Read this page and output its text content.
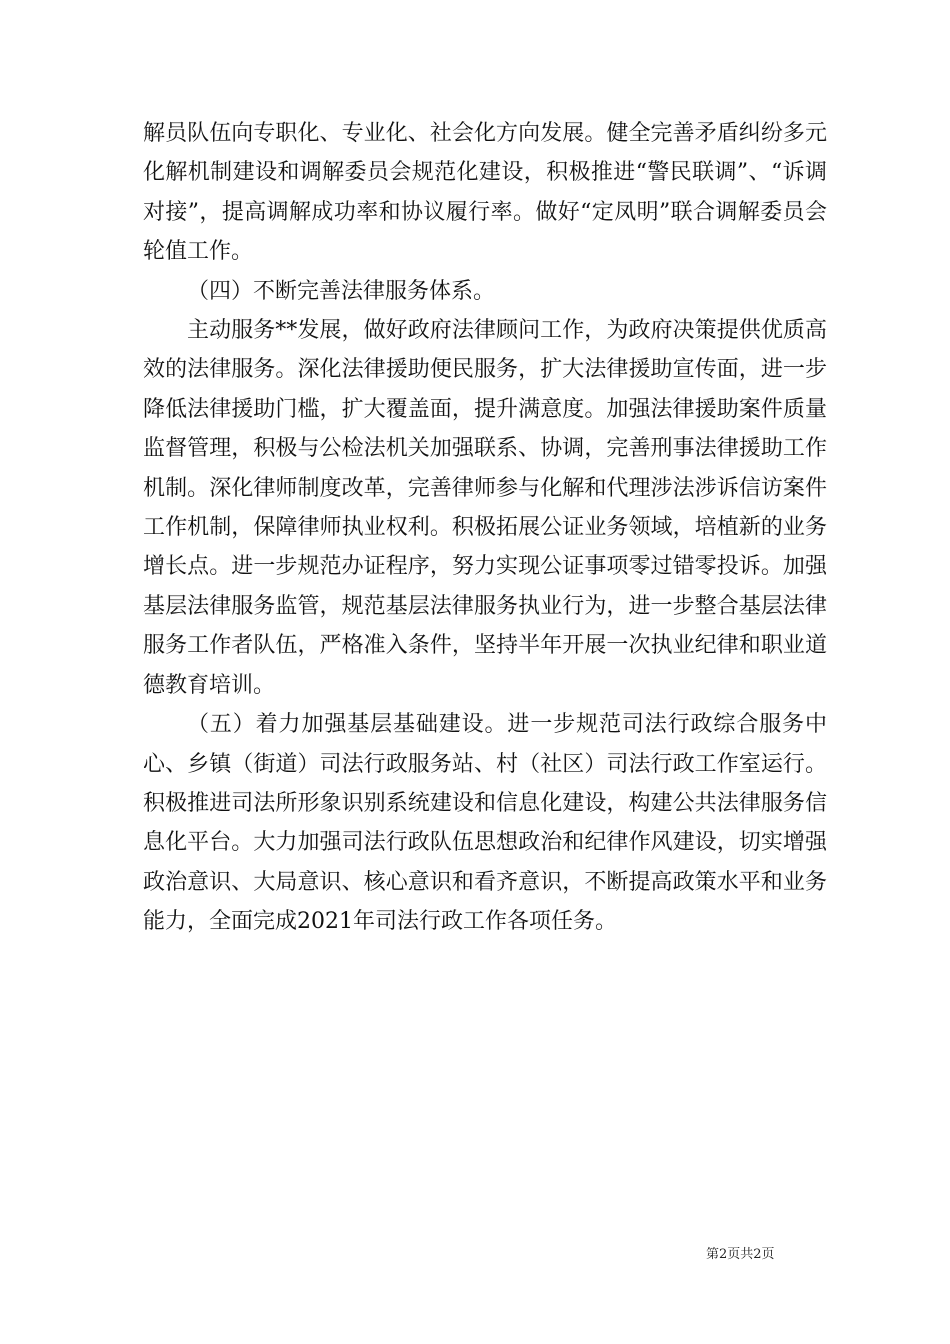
解员队伍向专职化、专业化、社会化方向发展。健全完善矛盾纠纷多元化解机制建设和调解委员会规范化建设，积极推进“警民联调”、“诉调对接”，提高调解成功率和协议履行率。做好“定凤明”联合调解委员会轮值工作。

（四）不断完善法律服务体系。

主动服务**发展，做好政府法律顾问工作，为政府决策提供优质高效的法律服务。深化法律援助便民服务，扩大法律援助宣传面，进一步降低法律援助门槛，扩大覆盖面，提升满意度。加强法律援助案件质量监督管理，积极与公检法机关加强联系、协调，完善刑事法律援助工作机制。深化律师制度改革，完善律师参与化解和代理涉法涉诉信访案件工作机制，保障律师执业权利。积极拓展公证业务领域，培植新的业务增长点。进一步规范办证程序，努力实现公证事项零过错零投诉。加强基层法律服务监管，规范基层法律服务执业行为，进一步整合基层法律服务工作者队伍，严格准入条件，坚持半年开展一次执业纪律和职业道德教育培训。

（五）着力加强基层基础建设。进一步规范司法行政综合服务中心、乡镇（街道）司法行政服务站、村（社区）司法行政工作室运行。积极推进司法所形象识别系统建设和信息化建设，构建公共法律服务信息化平台。大力加强司法行政队伍思想政治和纪律作风建设，切实增强政治意识、大局意识、核心意识和看齐意识，不断提高政策水平和业务能力，全面完成2021年司法行政工作各项任务。

第2页共2页
